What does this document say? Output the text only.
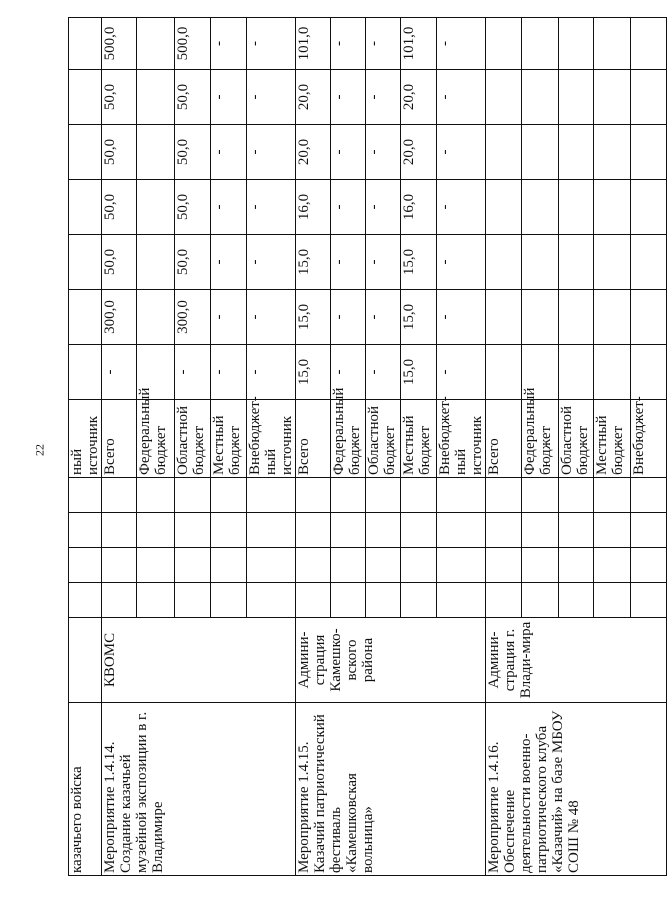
22
казачьего войска						ный источник							
Мероприятие 1.4.14. Создание казачьей музейной экспозиции в г. Владимире	КВОМС					Всего	-	300,0	50,0	50,0	50,0	50,0	500,0
						Федеральный бюджет							
						Областной бюджет	-	300,0	50,0	50,0	50,0	50,0	500,0
						Местный бюджет	-	-	-	-	-	-	-
						Внебюджет-ный источник	-	-	-	-	-	-	-
Мероприятие 1.4.15. Казачий патриотический фестиваль «Камешковская вольница»	Админи-страция Камешко-вского района					Всего	15,0	15,0	15,0	16,0	20,0	20,0	101,0
						Федеральный бюджет	-	-	-	-	-	-	-
						Областной бюджет	-	-	-	-	-	-	-
						Местный бюджет	15,0	15,0	15,0	16,0	20,0	20,0	101,0
						Внебюджет-ный источник	-	-	-	-	-	-	-
Мероприятие 1.4.16. Обеспечение деятельности военно-патриотического клуба «Казачий» на базе МБОУ СОШ № 48	Админи-страция г. Влади-мира					Всего							
						Федеральный бюджет							
						Областной бюджет							
						Местный бюджет							
						Внебюджет-							
